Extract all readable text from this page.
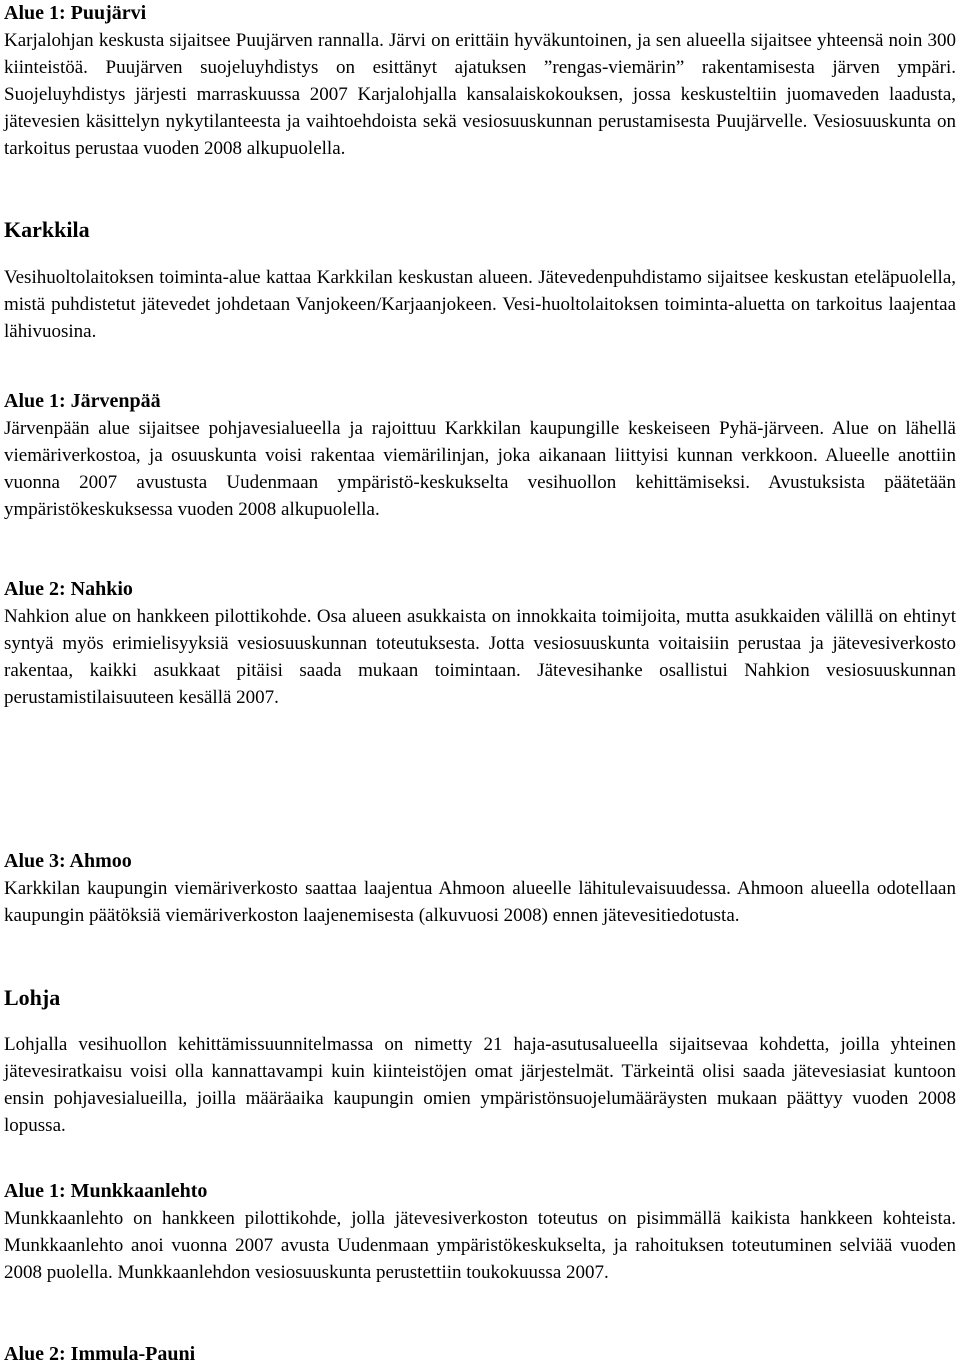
Alue 1: Puujärvi

Karjalohjan keskusta sijaitsee Puujärven rannalla. Järvi on erittäin hyväkuntoinen, ja sen alueella sijaitsee yhteensä noin 300 kiinteistöä. Puujärven suojeluyhdistys on esittänyt ajatuksen ”rengas-viemärin” rakentamisesta järven ympäri. Suojeluyhdistys järjesti marraskuussa 2007 Karjalohjalla kansalaiskokouksen, jossa keskusteltiin juomaveden laadusta, jätevesien käsittelyn nykytilanteesta ja vaihtoehdoista sekä vesiosuuskunnan perustamisesta Puujärvelle. Vesiosuuskunta on tarkoitus perustaa vuoden 2008 alkupuolella.

Karkkila

Vesihuoltolaitoksen toiminta-alue kattaa Karkkilan keskustan alueen. Jätevedenpuhdistamo sijaitsee keskustan eteläpuolella, mistä puhdistetut jätevedet johdetaan Vanjokeen/Karjaanjokeen. Vesi-huoltolaitoksen toiminta-aluetta on tarkoitus laajentaa lähivuosina.

Alue 1: Järvenpää

Järvenpään alue sijaitsee pohjavesialueella ja rajoittuu Karkkilan kaupungille keskeiseen Pyhä-järveen. Alue on lähellä viemäriverkostoa, ja osuuskunta voisi rakentaa viemärilinjan, joka aikanaan liittyisi kunnan verkkoon. Alueelle anottiin vuonna 2007 avustusta Uudenmaan ympäristö-keskukselta vesihuollon kehittämiseksi. Avustuksista päätetään ympäristökeskuksessa vuoden 2008 alkupuolella.

Alue 2: Nahkio

Nahkion alue on hankkeen pilottikohde. Osa alueen asukkaista on innokkaita toimijoita, mutta asukkaiden välillä on ehtinyt syntyä myös erimielisyyksiä vesiosuuskunnan toteutuksesta. Jotta vesiosuuskunta voitaisiin perustaa ja jätevesiverkosto rakentaa, kaikki asukkaat pitäisi saada mukaan toimintaan. Jätevesihanke osallistui Nahkion vesiosuuskunnan perustamistilaisuuteen kesällä 2007.

Alue 3: Ahmoo

Karkkilan kaupungin viemäriverkosto saattaa laajentua Ahmoon alueelle lähitulevaisuudessa. Ahmoon alueella odotellaan kaupungin päätöksiä viemäriverkoston laajenemisesta (alkuvuosi 2008) ennen jätevesitiedotusta.

Lohja

Lohjalla vesihuollon kehittämissuunnitelmassa on nimetty 21 haja-asutusalueella sijaitsevaa kohdetta, joilla yhteinen jätevesiratkaisu voisi olla kannattavampi kuin kiinteistöjen omat järjestelmät. Tärkeintä olisi saada jätevesiasiat kuntoon ensin pohjavesialueilla, joilla määräaika kaupungin omien ympäristönsuojelumääräysten mukaan päättyy vuoden 2008 lopussa.

Alue 1: Munkkaanlehto

Munkkaanlehto on hankkeen pilottikohde, jolla jätevesiverkoston toteutus on pisimmällä kaikista hankkeen kohteista. Munkkaanlehto anoi vuonna 2007 avusta Uudenmaan ympäristökeskukselta, ja rahoituksen toteutuminen selviää vuoden 2008 puolella. Munkkaanlehdon vesiosuuskunta perustettiin toukokuussa 2007.

Alue 2: Immula-Pauni
